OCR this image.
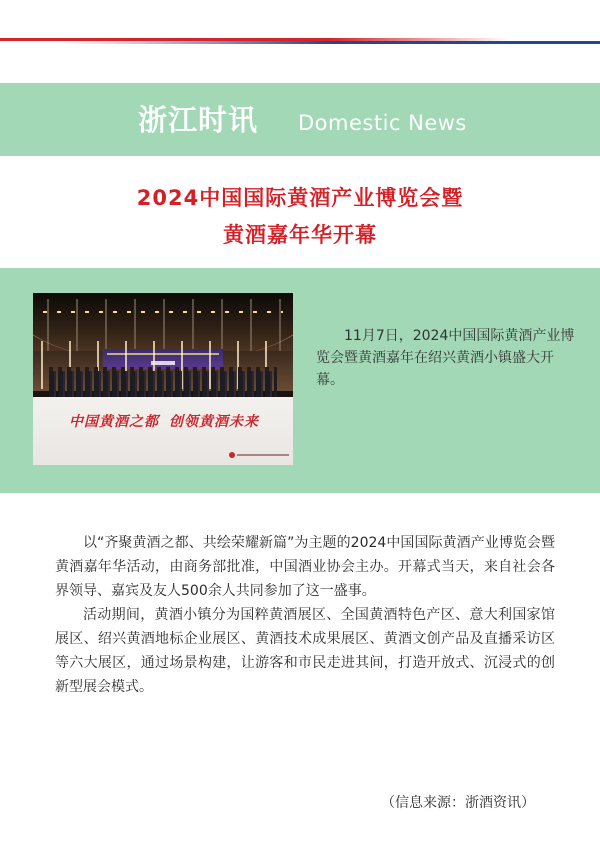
浙江时讯 Domestic News
2024中国国际黄酒产业博览会暨
黄酒嘉年华开幕
中国黄酒之都 创领黄酒未来

11月7日，2024中国国际黄酒产业博览会暨黄酒嘉年在绍兴黄酒小镇盛大开幕。

以“齐聚黄酒之都、共绘荣耀新篇”为主题的2024中国国际黄酒产业博览会暨黄酒嘉年华活动，由商务部批准，中国酒业协会主办。开幕式当天，来自社会各界领导、嘉宾及友人500余人共同参加了这一盛事。

活动期间，黄酒小镇分为国粹黄酒展区、全国黄酒特色产区、意大利国家馆展区、绍兴黄酒地标企业展区、黄酒技术成果展区、黄酒文创产品及直播采访区等六大展区，通过场景构建，让游客和市民走进其间，打造开放式、沉浸式的创新型展会模式。

（信息来源：浙酒资讯）
